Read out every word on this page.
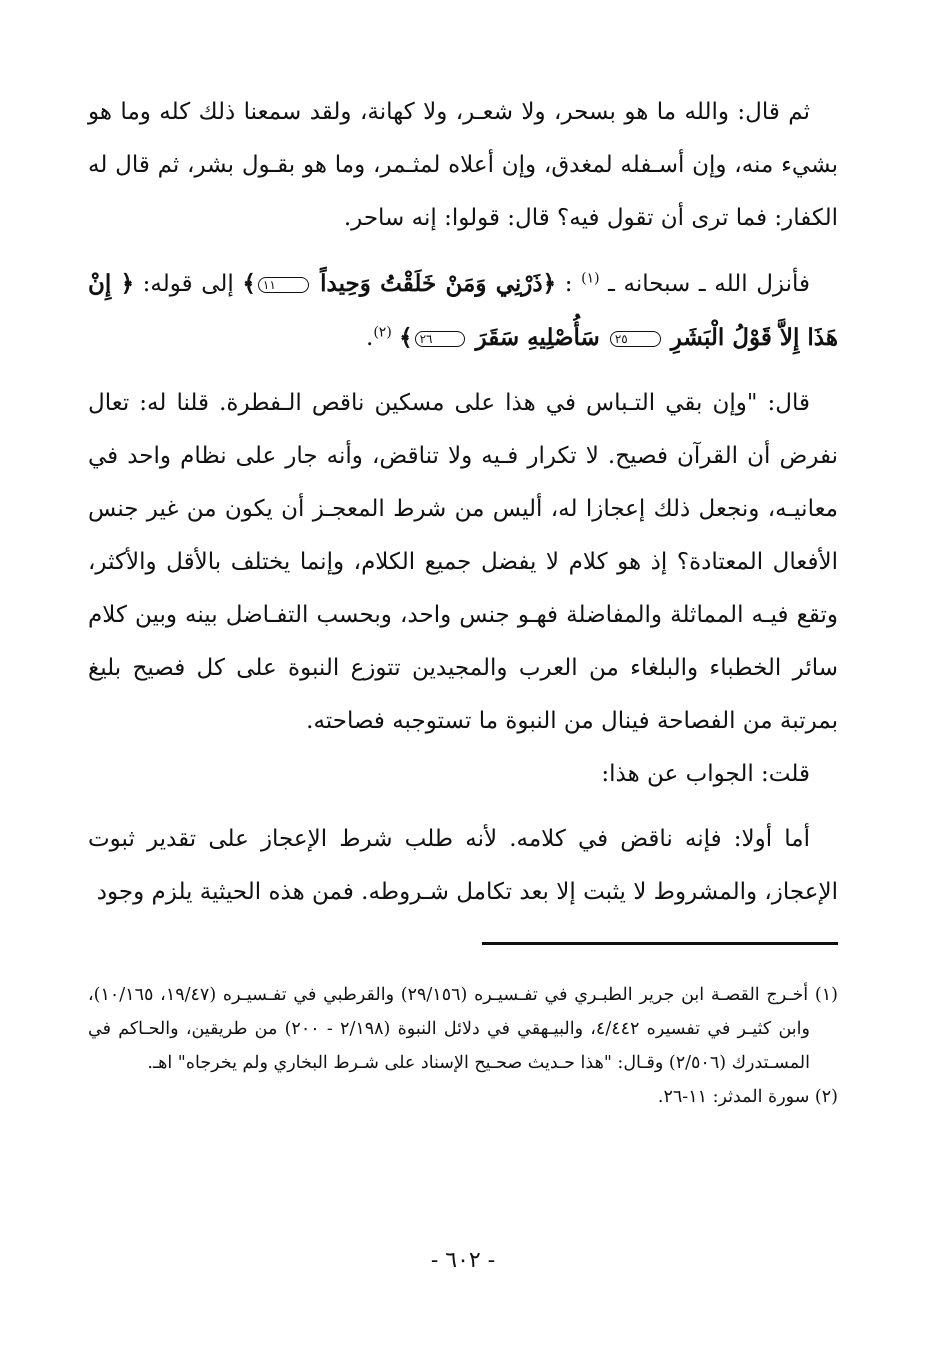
ثم قال: والله ما هو بسحر، ولا شعـر، ولا كهانة، ولقد سمعنا ذلك كله وما هو بشيء منه، وإن أسـفله لمغدق، وإن أعلاه لمثـمر، وما هو بقـول بشر، ثم قال له الكفار: فما ترى أن تقول فيه؟ قال: قولوا: إنه ساحر.

فأنزل الله ـ سبحانه ـ $^{(١)}$ : ﴿ذَرْنِي وَمَنْ خَلَقْتُ وَحِيداً ١١﴾ إلى قوله: ﴿ إِنْ هَذَا إِلاَّ قَوْلُ الْبَشَرِ ٢٥ سَأُصْلِيهِ سَقَرَ ٢٦﴾ $^{(٢)}$.

قال: "وإن بقي التـباس في هذا على مسكين ناقص الـفطرة. قلنا له: تعال نفرض أن القرآن فصيح. لا تكرار فـيه ولا تناقض، وأنه جار على نظام واحد في معانيـه، ونجعل ذلك إعجازا له، أليس من شرط المعجـز أن يكون من غير جنس الأفعال المعتادة؟ إذ هو كلام لا يفضل جميع الكلام، وإنما يختلف بالأقل والأكثر، وتقع فيـه المماثلة والمفاضلة فهـو جنس واحد، وبحسب التفـاضل بينه وبين كلام سائر الخطباء والبلغاء من العرب والمجيدين تتوزع النبوة على كل فصيح بليغ بمرتبة من الفصاحة فينال من النبوة ما تستوجبه فصاحته.

قلت: الجواب عن هذا:

أما أولا: فإنه ناقض في كلامه. لأنه طلب شرط الإعجاز على تقدير ثبوت الإعجاز، والمشروط لا يثبت إلا بعد تكامل شـروطه. فمن هذه الحيثية يلزم وجود

(١) أخـرج القصـة ابن جرير الطبـري في تفـسيـره (٢٩/١٥٦) والقرطبي في تفـسيـره (١٩/٤٧، ١٠/١٦٥)، وابن كثيـر في تفسيره ٤/٤٤٢، والبيـهقي في دلائل النبوة (٢/١٩٨ - ٢٠٠) من طريقين، والحـاكم في المسـتدرك (٢/٥٠٦) وقـال: "هذا حـديث صحـيح الإسناد على شـرط البخاري ولم يخرجاه" اهـ.

(٢) سورة المدثر: ١١-٢٦.

- ٦٠٢ -
